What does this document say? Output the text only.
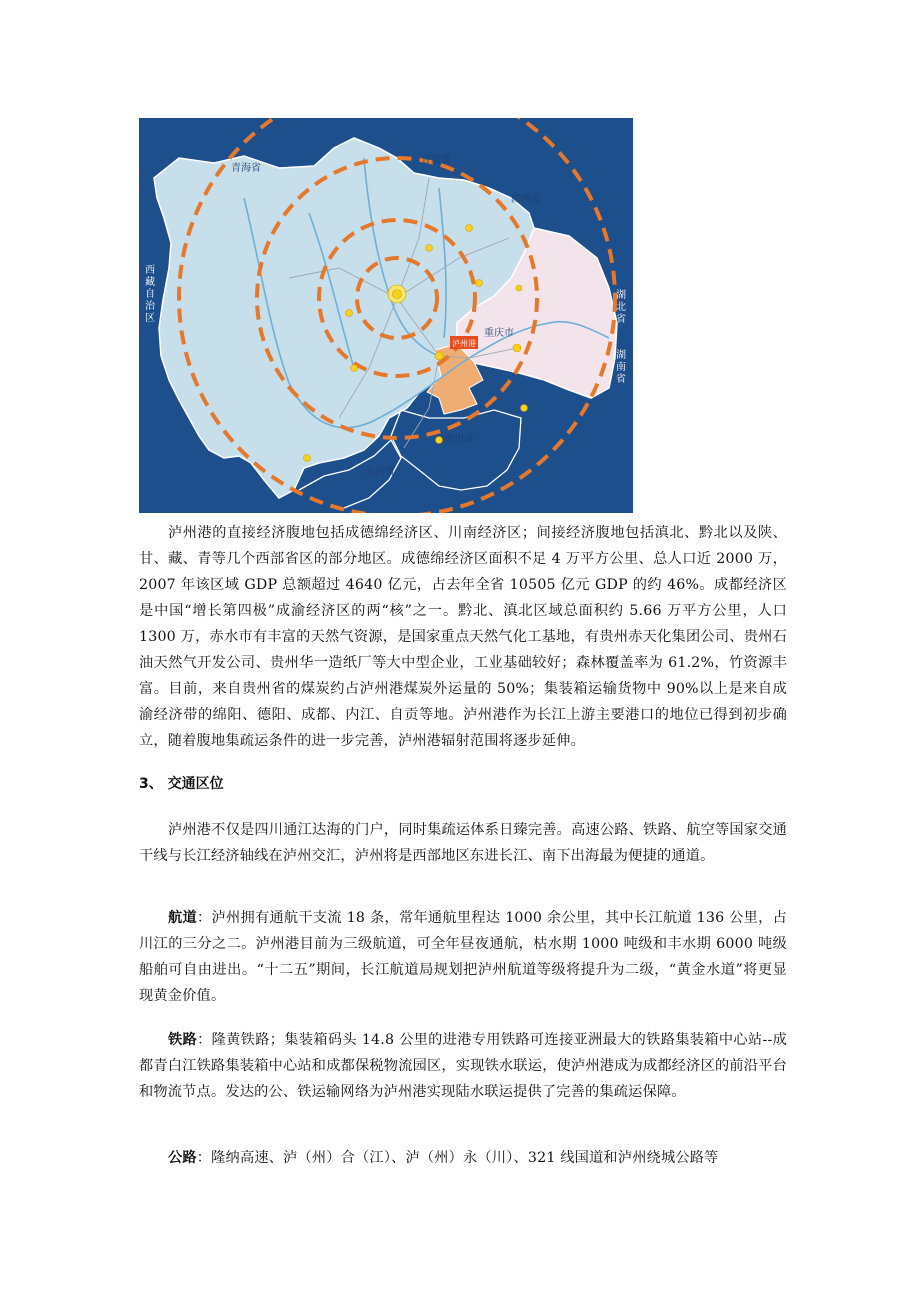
泸州港
青海省
甘肃省
陕西省
重庆市
贵州省
云南省
西藏自治区
湖北省
湖南省

泸州港的直接经济腹地包括成德绵经济区、川南经济区；间接经济腹地包括滇北、黔北以及陕、甘、藏、青等几个西部省区的部分地区。成德绵经济区面积不足 4 万平方公里、总人口近 2000 万，2007 年该区域 GDP 总额超过 4640 亿元，占去年全省 10505 亿元 GDP 的约 46%。成都经济区是中国“增长第四极”成渝经济区的两“核”之一。黔北、滇北区域总面积约 5.66 万平方公里，人口 1300 万，赤水市有丰富的天然气资源，是国家重点天然气化工基地，有贵州赤天化集团公司、贵州石油天然气开发公司、贵州华一造纸厂等大中型企业，工业基础较好；森林覆盖率为 61.2%，竹资源丰富。目前，来自贵州省的煤炭约占泸州港煤炭外运量的 50%；集装箱运输货物中 90%以上是来自成渝经济带的绵阳、德阳、成都、内江、自贡等地。泸州港作为长江上游主要港口的地位已得到初步确立，随着腹地集疏运条件的进一步完善，泸州港辐射范围将逐步延伸。

3、 交通区位

泸州港不仅是四川通江达海的门户，同时集疏运体系日臻完善。高速公路、铁路、航空等国家交通干线与长江经济轴线在泸州交汇，泸州将是西部地区东进长江、南下出海最为便捷的通道。

航道：泸州拥有通航干支流 18 条，常年通航里程达 1000 余公里，其中长江航道 136 公里，占川江的三分之二。泸州港目前为三级航道，可全年昼夜通航，枯水期 1000 吨级和丰水期 6000 吨级船舶可自由进出。“十二五”期间，长江航道局规划把泸州航道等级将提升为二级，“黄金水道”将更显现黄金价值。

铁路：隆黄铁路；集装箱码头 14.8 公里的进港专用铁路可连接亚洲最大的铁路集装箱中心站--成都青白江铁路集装箱中心站和成都保税物流园区，实现铁水联运，使泸州港成为成都经济区的前沿平台和物流节点。发达的公、铁运输网络为泸州港实现陆水联运提供了完善的集疏运保障。

公路：隆纳高速、泸（州）合（江）、泸（州）永（川）、321 线国道和泸州绕城公路等
